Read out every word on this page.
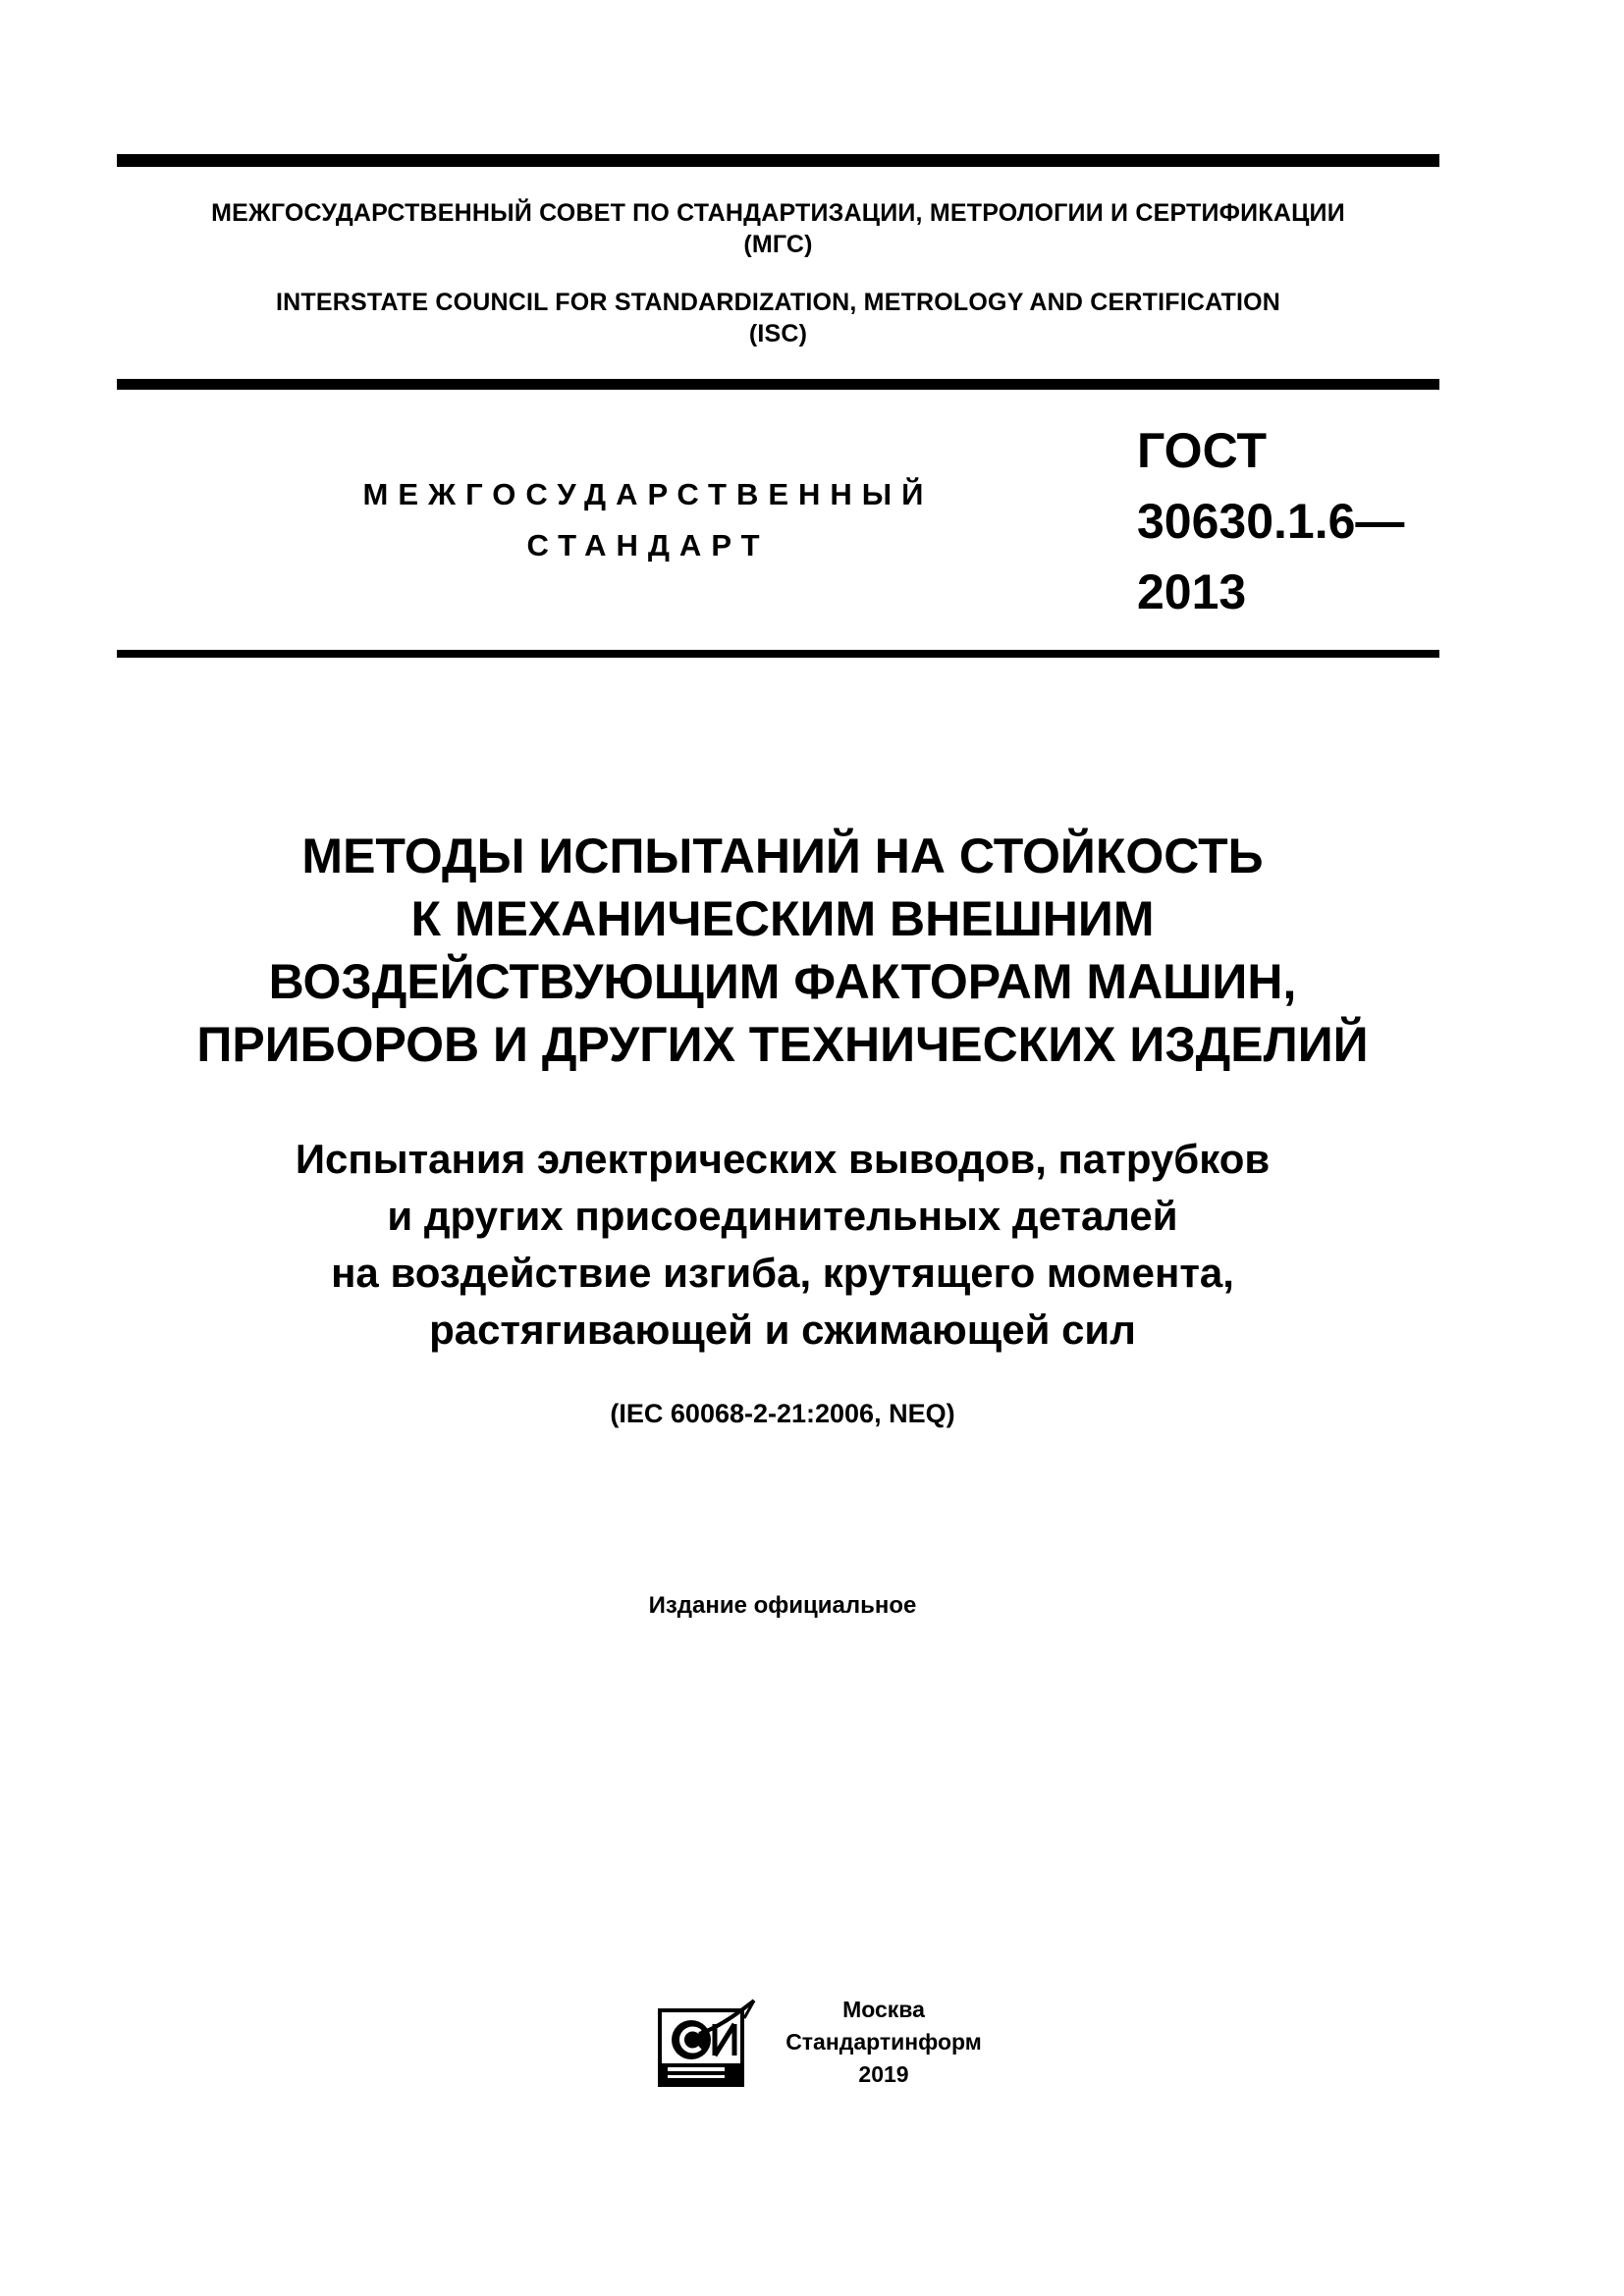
МЕЖГОСУДАРСТВЕННЫЙ СОВЕТ ПО СТАНДАРТИЗАЦИИ, МЕТРОЛОГИИ И СЕРТИФИКАЦИИ
(МГС)
INTERSTATE COUNCIL FOR STANDARDIZATION, METROLOGY AND CERTIFICATION
(ISC)
МЕЖГОСУДАРСТВЕННЫЙ
СТАНДАРТ
ГОСТ
30630.1.6—
2013
МЕТОДЫ ИСПЫТАНИЙ НА СТОЙКОСТЬ
К МЕХАНИЧЕСКИМ ВНЕШНИМ
ВОЗДЕЙСТВУЮЩИМ ФАКТОРАМ МАШИН,
ПРИБОРОВ И ДРУГИХ ТЕХНИЧЕСКИХ ИЗДЕЛИЙ
Испытания электрических выводов, патрубков
и других присоединительных деталей
на воздействие изгиба, крутящего момента,
растягивающей и сжимающей сил
(IEC 60068-2-21:2006, NEQ)
Издание официальное
Москва
Стандартинформ
2019
